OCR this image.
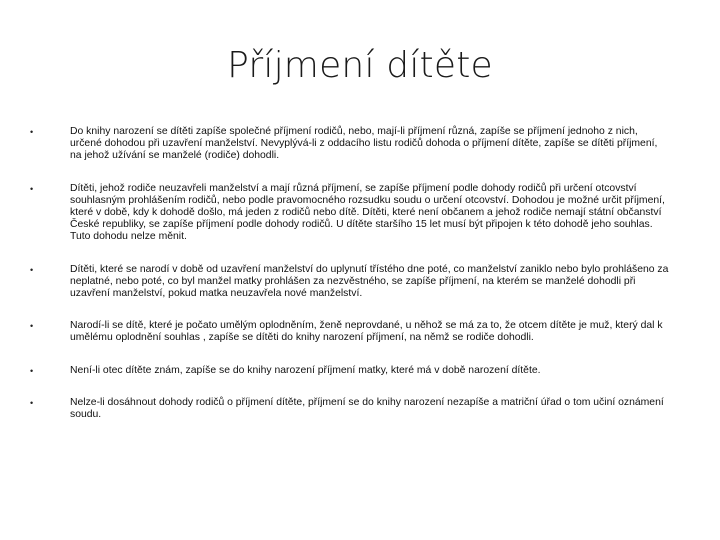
Příjmení dítěte
•	Do knihy narození se dítěti zapíše společné příjmení rodičů, nebo, mají-li příjmení různá, zapíše se příjmení jednoho z nich, určené dohodou při uzavření manželství. Nevyplývá-li z oddacího listu rodičů dohoda o příjmení dítěte, zapíše se dítěti příjmení, na jehož užívání se manželé (rodiče) dohodli.
•	Dítěti, jehož rodiče neuzavřeli manželství a mají různá příjmení, se zapíše příjmení podle dohody rodičů při určení otcovství souhlasným prohlášením rodičů, nebo podle pravomocného rozsudku soudu o určení otcovství. Dohodou je možné určit příjmení, které v době, kdy k dohodě došlo, má jeden z rodičů nebo dítě. Dítěti, které není občanem a jehož rodiče nemají státní občanství České republiky, se zapíše příjmení podle dohody rodičů. U dítěte staršího 15 let musí být připojen k této dohodě jeho souhlas. Tuto dohodu nelze měnit.
•	Dítěti, které se narodí v době od uzavření manželství do uplynutí třístého dne poté, co manželství zaniklo nebo bylo prohlášeno za neplatné, nebo poté, co byl manžel matky prohlášen za nezvěstného, se zapíše příjmení, na kterém se manželé dohodli při uzavření manželství, pokud matka neuzavřela nové manželství.
•	Narodí-li se dítě, které je počato umělým oplodněním, ženě neprovdané, u něhož se má za to, že otcem dítěte je muž, který dal k umělému oplodnění souhlas , zapíše se dítěti do knihy narození příjmení, na němž se rodiče dohodli.
•	Není-li otec dítěte znám, zapíše se do knihy narození příjmení matky, které má v době narození dítěte.
•	Nelze-li dosáhnout dohody rodičů o příjmení dítěte, příjmení se do knihy narození nezapíše a matriční úřad o tom učiní oznámení soudu.
